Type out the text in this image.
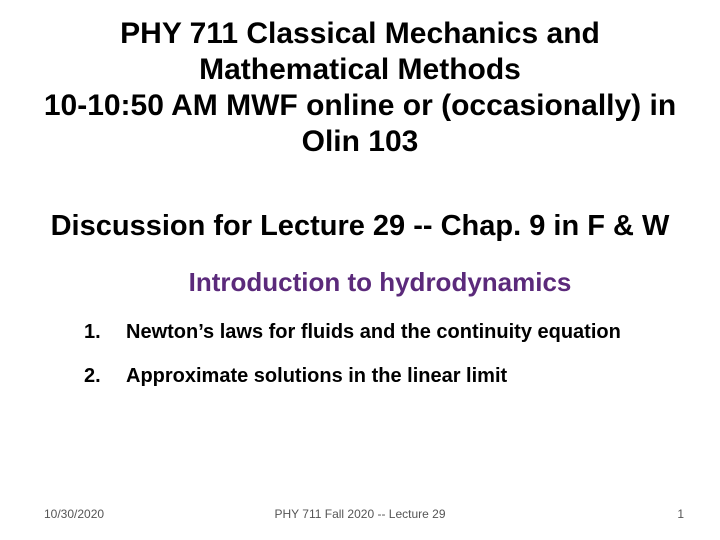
PHY 711 Classical Mechanics and
Mathematical Methods
10-10:50 AM MWF online or (occasionally) in
Olin 103
Discussion for Lecture 29 -- Chap. 9 in F & W
Introduction to hydrodynamics
1. Newton’s laws for fluids and the continuity equation
2. Approximate solutions in the linear limit
10/30/2020	PHY 711 Fall 2020 -- Lecture 29	1
